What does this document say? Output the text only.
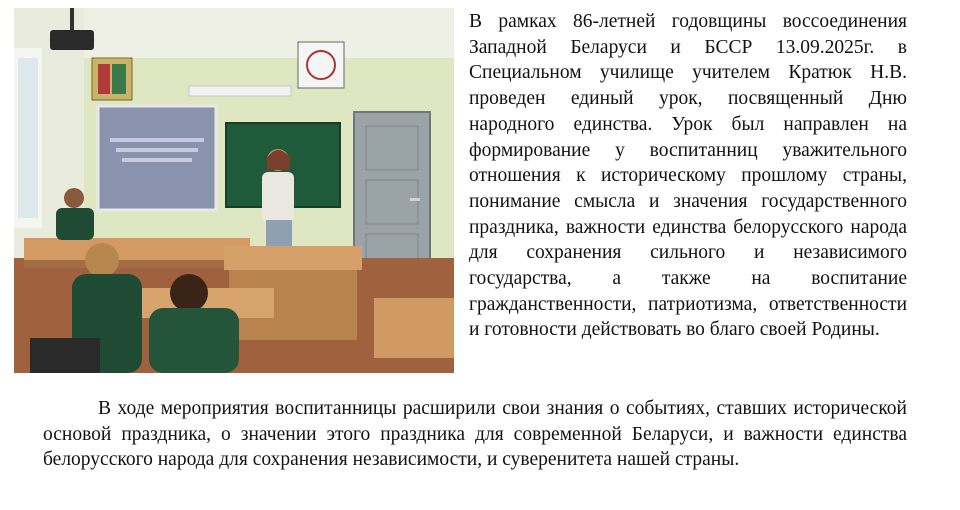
В рамках 86-летней годовщины воссоединения Западной Беларуси и БССР 13.09.2025г. в Специальном училище учителем Кратюк Н.В. проведен единый урок, посвященный Дню народного единства. Урок был направлен на формирование у воспитанниц уважительного отношения к историческому прошлому страны, понимание смысла и значения государственного праздника, важности единства белорусского народа для сохранения сильного и независимого государства, а также на воспитание гражданственности, патриотизма, ответственности и готовности действовать во благо своей Родины.

В ходе мероприятия воспитанницы расширили свои знания о событиях, ставших исторической основой праздника, о значении этого праздника для современной Беларуси, и важности единства белорусского народа для сохранения независимости, и суверенитета нашей страны.
